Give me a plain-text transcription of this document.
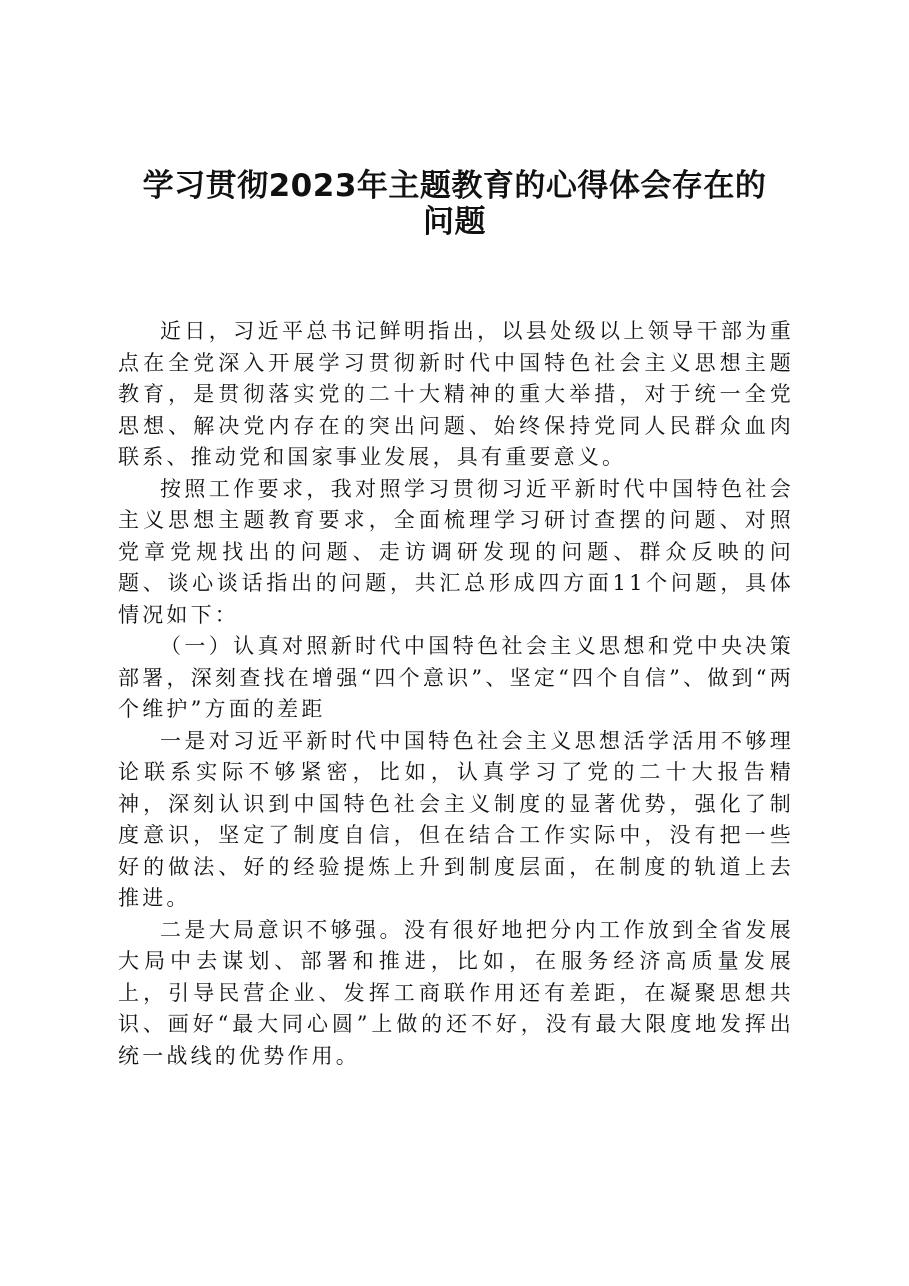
学习贯彻2023年主题教育的心得体会存在的
问题

近日，习近平总书记鲜明指出，以县处级以上领导干部为重点在全党深入开展学习贯彻新时代中国特色社会主义思想主题教育，是贯彻落实党的二十大精神的重大举措，对于统一全党思想、解决党内存在的突出问题、始终保持党同人民群众血肉联系、推动党和国家事业发展，具有重要意义。

按照工作要求，我对照学习贯彻习近平新时代中国特色社会主义思想主题教育要求，全面梳理学习研讨查摆的问题、对照党章党规找出的问题、走访调研发现的问题、群众反映的问题、谈心谈话指出的问题，共汇总形成四方面11个问题，具体情况如下：

（一）认真对照新时代中国特色社会主义思想和党中央决策部署，深刻查找在增强“四个意识”、坚定“四个自信”、做到“两个维护”方面的差距

一是对习近平新时代中国特色社会主义思想活学活用不够理论联系实际不够紧密，比如，认真学习了党的二十大报告精神，深刻认识到中国特色社会主义制度的显著优势，强化了制度意识，坚定了制度自信，但在结合工作实际中，没有把一些好的做法、好的经验提炼上升到制度层面，在制度的轨道上去推进。

二是大局意识不够强。没有很好地把分内工作放到全省发展大局中去谋划、部署和推进，比如，在服务经济高质量发展上，引导民营企业、发挥工商联作用还有差距，在凝聚思想共识、画好“最大同心圆”上做的还不好，没有最大限度地发挥出统一战线的优势作用。
